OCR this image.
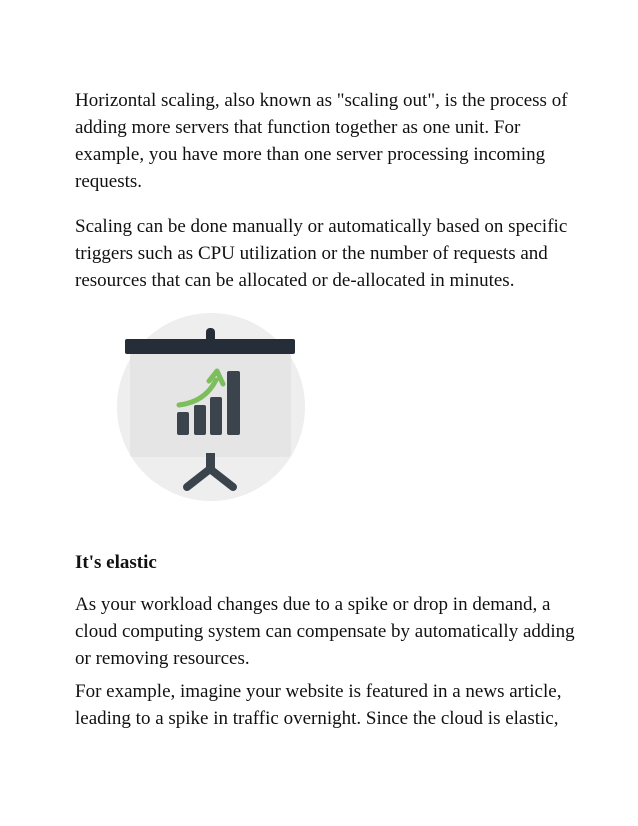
Horizontal scaling, also known as "scaling out", is the process of adding more servers that function together as one unit. For example, you have more than one server processing incoming requests.

Scaling can be done manually or automatically based on specific triggers such as CPU utilization or the number of requests and resources that can be allocated or de-allocated in minutes.

It's elastic

As your workload changes due to a spike or drop in demand, a cloud computing system can compensate by automatically adding or removing resources.

For example, imagine your website is featured in a news article, leading to a spike in traffic overnight. Since the cloud is elastic,
